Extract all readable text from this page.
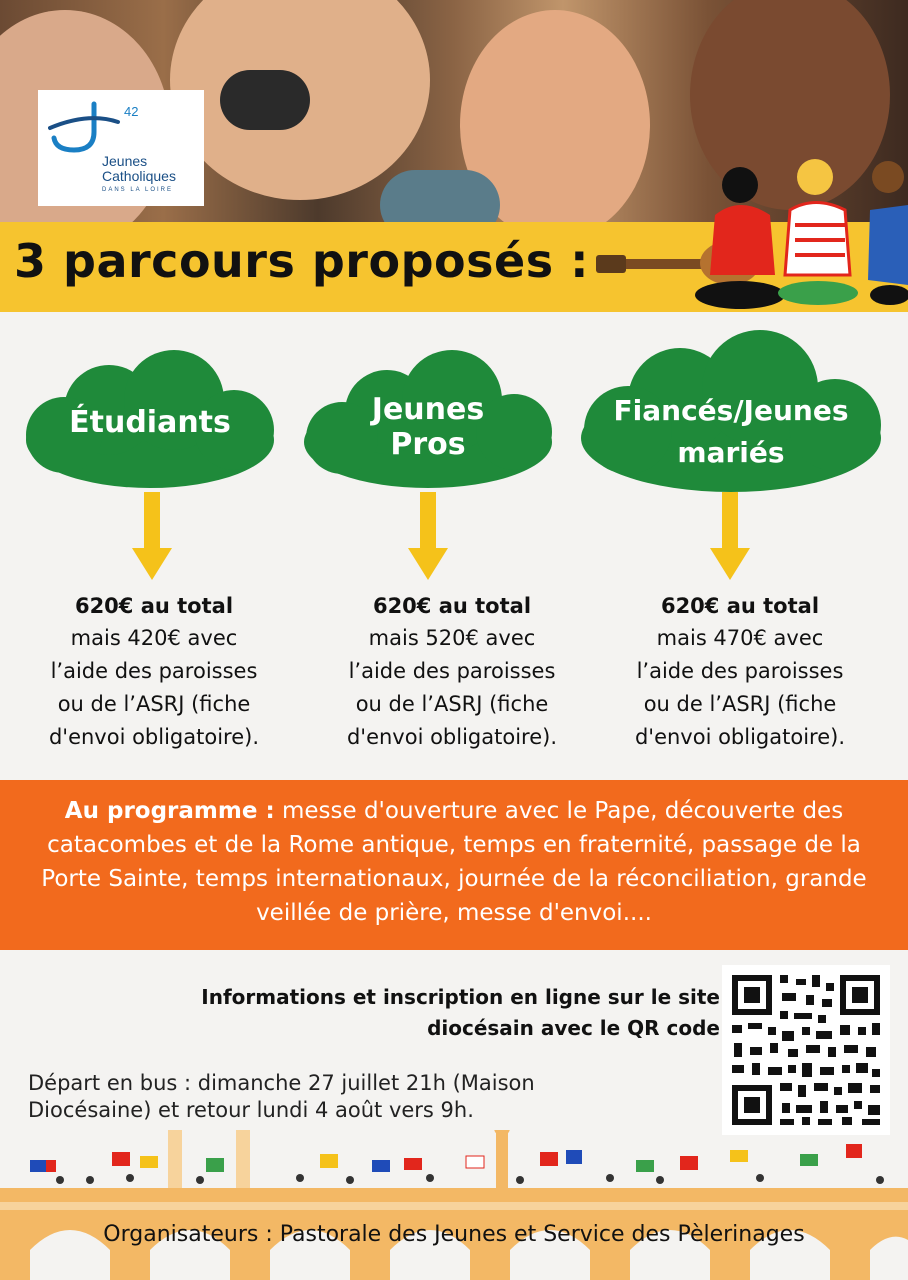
42
Jeunes
Catholiques
DANS LA LOIRE
3 parcours proposés :
Étudiants	Jeunes
Pros
Fiancés/Jeunes
mariés
620€ au total
mais 420€ avec
l’aide des paroisses
ou de l’ASRJ (fiche
d'envoi obligatoire).
620€ au total
mais 520€ avec
l’aide des paroisses
ou de l’ASRJ (fiche
d'envoi obligatoire).
620€ au total
mais 470€ avec
l’aide des paroisses
ou de l’ASRJ (fiche
d'envoi obligatoire).
Au programme : messe d'ouverture avec le Pape, découverte des catacombes et de la Rome antique, temps en fraternité, passage de la Porte Sainte, temps internationaux, journée de la réconciliation, grande veillée de prière, messe d'envoi....
Informations et inscription en ligne sur le site
diocésain avec le QR code
Départ en bus : dimanche 27 juillet 21h (Maison
Diocésaine) et retour lundi 4 août vers 9h.
Organisateurs : Pastorale des Jeunes et Service des Pèlerinages
